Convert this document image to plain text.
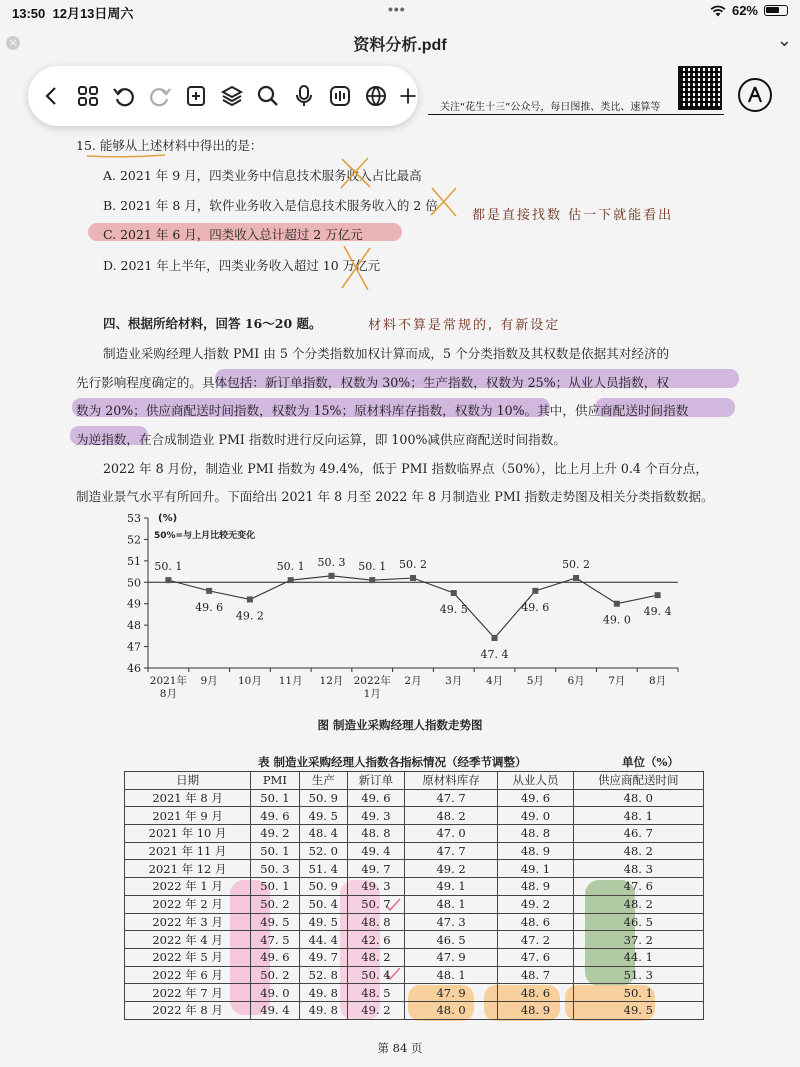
13:50 12月13日周六	•••	62%
×	资料分析.pdf	⌄
关注“花生十三”公众号，每日图推、类比、速算等
15. 能够从上述材料中得出的是：
A. 2021 年 9 月，四类业务中信息技术服务收入占比最高
B. 2021 年 8 月，软件业务收入是信息技术服务收入的 2 倍
C. 2021 年 6 月，四类收入总计超过 2 万亿元
D. 2021 年上半年，四类业务收入超过 10 万亿元
都是直接找数 估一下就能看出
四、根据所给材料，回答 16～20 题。	材料不算是常规的, 有新设定
制造业采购经理人指数 PMI 由 5 个分类指数加权计算而成，5 个分类指数及其权数是依据其对经济的
先行影响程度确定的。具体包括：新订单指数，权数为 30%；生产指数，权数为 25%；从业人员指数，权
数为 20%；供应商配送时间指数，权数为 15%；原材料库存指数，权数为 10%。其中，供应商配送时间指数
为逆指数，在合成制造业 PMI 指数时进行反向运算，即 100%减供应商配送时间指数。
2022 年 8 月份，制造业 PMI 指数为 49.4%，低于 PMI 指数临界点（50%），比上月上升 0.4 个百分点，
制造业景气水平有所回升。下面给出 2021 年 8 月至 2022 年 8 月制造业 PMI 指数走势图及相关分类指数数据。
46
47
48
49
50
51
52
53 (%)
50%=与上月比较无变化
2021年 8月
9月 10月 11月 12月 2022年 1月
2月 3月 4月 5月 6月 7月 8月
50. 1
49. 6
49. 2
50. 1 50. 3 50. 1 50. 2
49. 5
47. 4
49. 6
50. 2
49. 0
49. 4
图 制造业采购经理人指数走势图
表 制造业采购经理人指数各指标情况（经季节调整）	单位（%）
日期	PMI	生产	新订单	原材料库存	从业人员	供应商配送时间
2021 年 8 月	50. 1	50. 9	49. 6	47. 7	49. 6	48. 0
2021 年 9 月	49. 6	49. 5	49. 3	48. 2	49. 0	48. 1
2021 年 10 月	49. 2	48. 4	48. 8	47. 0	48. 8	46. 7
2021 年 11 月	50. 1	52. 0	49. 4	47. 7	48. 9	48. 2
2021 年 12 月	50. 3	51. 4	49. 7	49. 2	49. 1	48. 3
2022 年 1 月	50. 1	50. 9	49. 3	49. 1	48. 9	47. 6
2022 年 2 月	50. 2	50. 4	50. 7	48. 1	49. 2	48. 2
2022 年 3 月	49. 5	49. 5	48. 8	47. 3	48. 6	46. 5
2022 年 4 月	47. 5	44. 4	42. 6	46. 5	47. 2	37. 2
2022 年 5 月	49. 6	49. 7	48. 2	47. 9	47. 6	44. 1
2022 年 6 月	50. 2	52. 8	50. 4	48. 1	48. 7	51. 3
2022 年 7 月	49. 0	49. 8	48. 5	47. 9	48. 6	50. 1
2022 年 8 月	49. 4	49. 8	49. 2	48. 0	48. 9	49. 5
第 84 页
